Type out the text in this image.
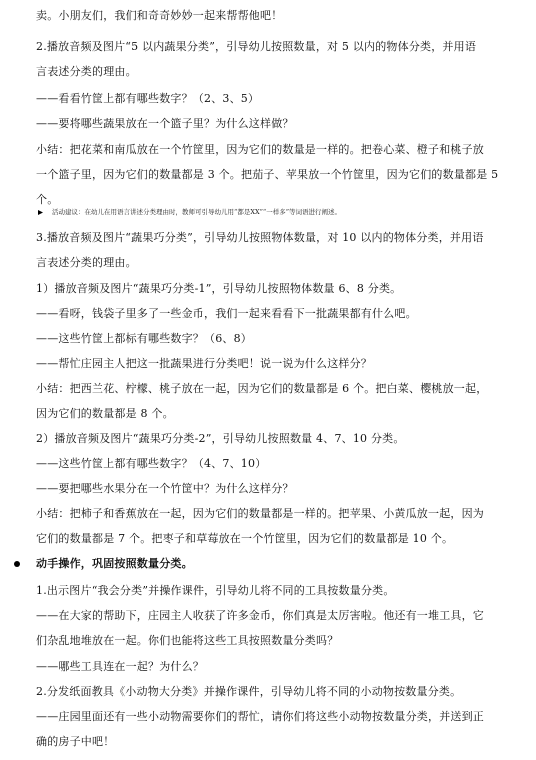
卖。小朋友们，我们和奇奇妙妙一起来帮帮他吧！
2.播放音频及图片“5 以内蔬果分类”，引导幼儿按照数量，对 5 以内的物体分类，并用语
言表述分类的理由。
——看看竹筐上都有哪些数字？（2、3、5）
——要将哪些蔬果放在一个篮子里？为什么这样做？
小结：把花菜和南瓜放在一个竹筐里，因为它们的数量是一样的。把卷心菜、橙子和桃子放
一个篮子里，因为它们的数量都是 3 个。把茄子、苹果放一个竹筐里，因为它们的数量都是 5
个。
活动建议：在幼儿在用语言讲述分类理由时，教师可引导幼儿用“都是XX”“一样多”等词语进行阐述。
3.播放音频及图片“蔬果巧分类”，引导幼儿按照物体数量，对 10 以内的物体分类，并用语
言表述分类的理由。
1）播放音频及图片“蔬果巧分类-1”，引导幼儿按照物体数量 6、8 分类。
——看呀，钱袋子里多了一些金币，我们一起来看看下一批蔬果都有什么吧。
——这些竹筐上都标有哪些数字？（6、8）
——帮忙庄园主人把这一批蔬果进行分类吧！说一说为什么这样分？
小结：把西兰花、柠檬、桃子放在一起，因为它们的数量都是 6 个。把白菜、樱桃放一起，
因为它们的数量都是 8 个。
2）播放音频及图片“蔬果巧分类-2”，引导幼儿按照数量 4、7、10 分类。
——这些竹筐上都有哪些数字？（4、7、10）
——要把哪些水果分在一个竹筐中？为什么这样分？
小结：把柿子和香蕉放在一起，因为它们的数量都是一样的。把苹果、小黄瓜放一起，因为
它们的数量都是 7 个。把枣子和草莓放在一个竹筐里，因为它们的数量都是 10 个。
动手操作，巩固按照数量分类。
1.出示图片“我会分类”并操作课件，引导幼儿将不同的工具按数量分类。
——在大家的帮助下，庄园主人收获了许多金币，你们真是太厉害啦。他还有一堆工具，它
们杂乱地堆放在一起。你们也能将这些工具按照数量分类吗？
——哪些工具连在一起？为什么？
2.分发纸面教具《小动物大分类》并操作课件，引导幼儿将不同的小动物按数量分类。
——庄园里面还有一些小动物需要你们的帮忙，请你们将这些小动物按数量分类，并送到正
确的房子中吧！
